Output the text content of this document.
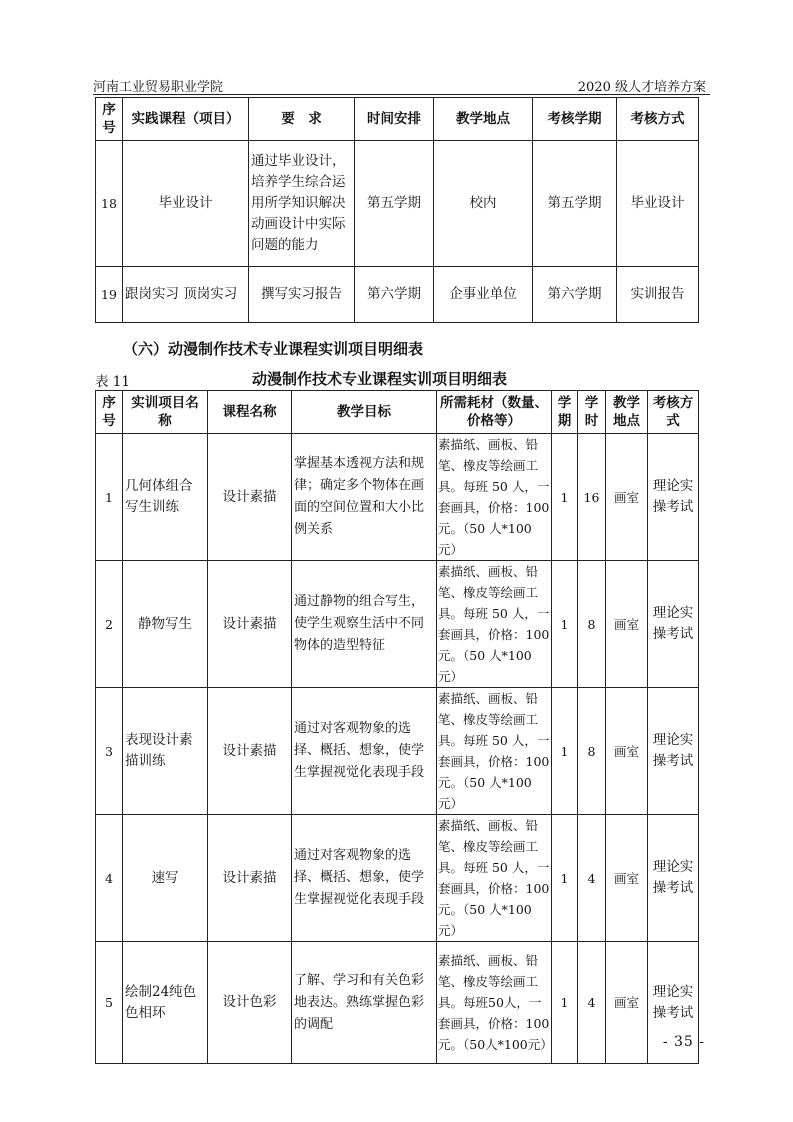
河南工业贸易职业学院	2020 级人才培养方案
序号	实践课程（项目）	要　求	时间安排	教学地点	考核学期	考核方式
18	毕业设计	通过毕业设计，培养学生综合运用所学知识解决动画设计中实际问题的能力	第五学期	校内	第五学期	毕业设计
19	跟岗实习 顶岗实习	撰写实习报告	第六学期	企事业单位	第六学期	实训报告
（六）动漫制作技术专业课程实训项目明细表
表 11	动漫制作技术专业课程实训项目明细表
序号	实训项目名称	课程名称	教学目标	所需耗材（数量、价格等）	学期	学时	教学地点	考核方式
1	几何体组合写生训练	设计素描	掌握基本透视方法和规律；确定多个物体在画面的空间位置和大小比例关系	素描纸、画板、铅笔、橡皮等绘画工具。每班 50 人，一套画具，价格：100 元。（50 人*100 元）	1	16	画室	理论实操考试
2	静物写生	设计素描	通过静物的组合写生，使学生观察生活中不同物体的造型特征	素描纸、画板、铅笔、橡皮等绘画工具。每班 50 人，一套画具，价格：100 元。（50 人*100 元）	1	8	画室	理论实操考试
3	表现设计素描训练	设计素描	通过对客观物象的选择、概括、想象，使学生掌握视觉化表现手段	素描纸、画板、铅笔、橡皮等绘画工具。每班 50 人，一套画具，价格：100 元。（50 人*100 元）	1	8	画室	理论实操考试
4	速写	设计素描	通过对客观物象的选择、概括、想象，使学生掌握视觉化表现手段	素描纸、画板、铅笔、橡皮等绘画工具。每班 50 人，一套画具，价格：100 元。（50 人*100 元）	1	4	画室	理论实操考试
5	绘制24纯色色相环	设计色彩	了解、学习和有关色彩地表达。熟练掌握色彩的调配	素描纸、画板、铅笔、橡皮等绘画工具。每班50人，一套画具，价格：100 元。（50人*100元）	1	4	画室	理论实操考试
- 35 -
